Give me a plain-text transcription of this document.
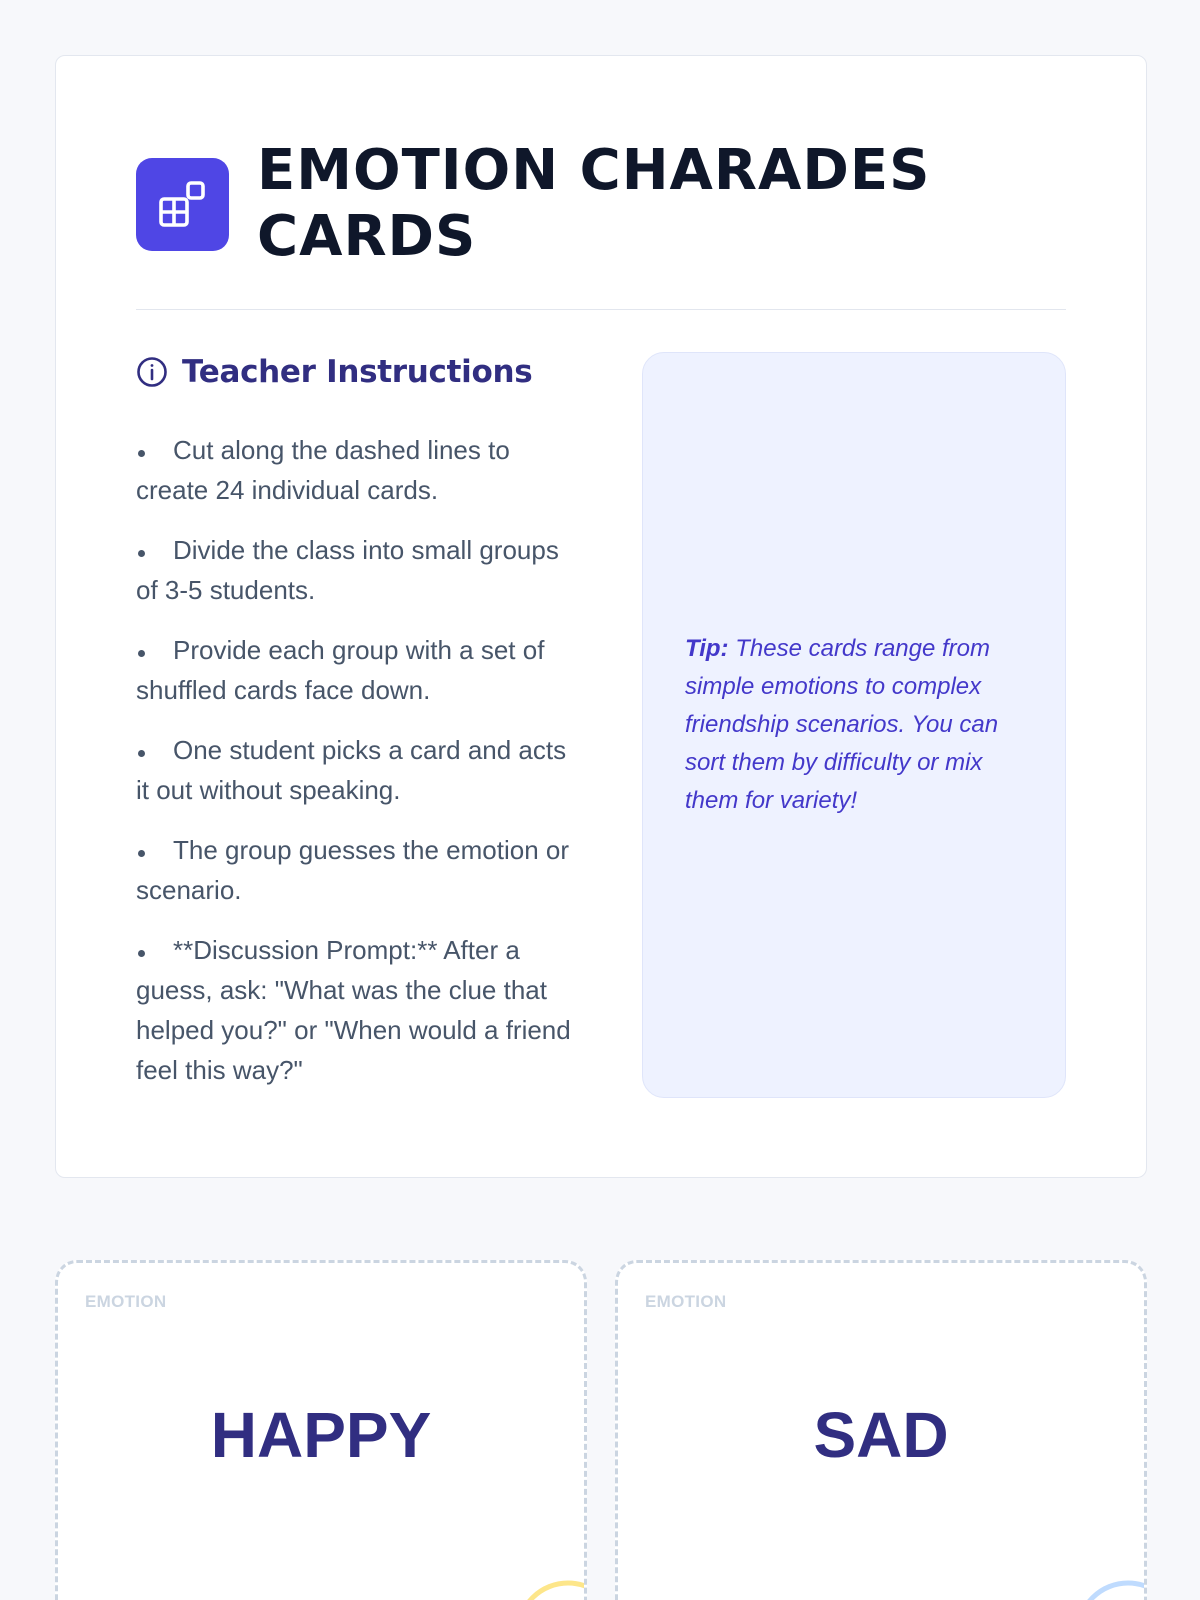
EMOTION CHARADES CARDS
Teacher Instructions
Cut along the dashed lines to create 24 individual cards.
Divide the class into small groups of 3-5 students.
Provide each group with a set of shuffled cards face down.
One student picks a card and acts it out without speaking.
The group guesses the emotion or scenario.
**Discussion Prompt:** After a guess, ask: "What was the clue that helped you?" or "When would a friend feel this way?"

Tip: These cards range from simple emotions to complex friendship scenarios. You can sort them by difficulty or mix them for variety!

EMOTION
HAPPY
EMOTION
SAD
